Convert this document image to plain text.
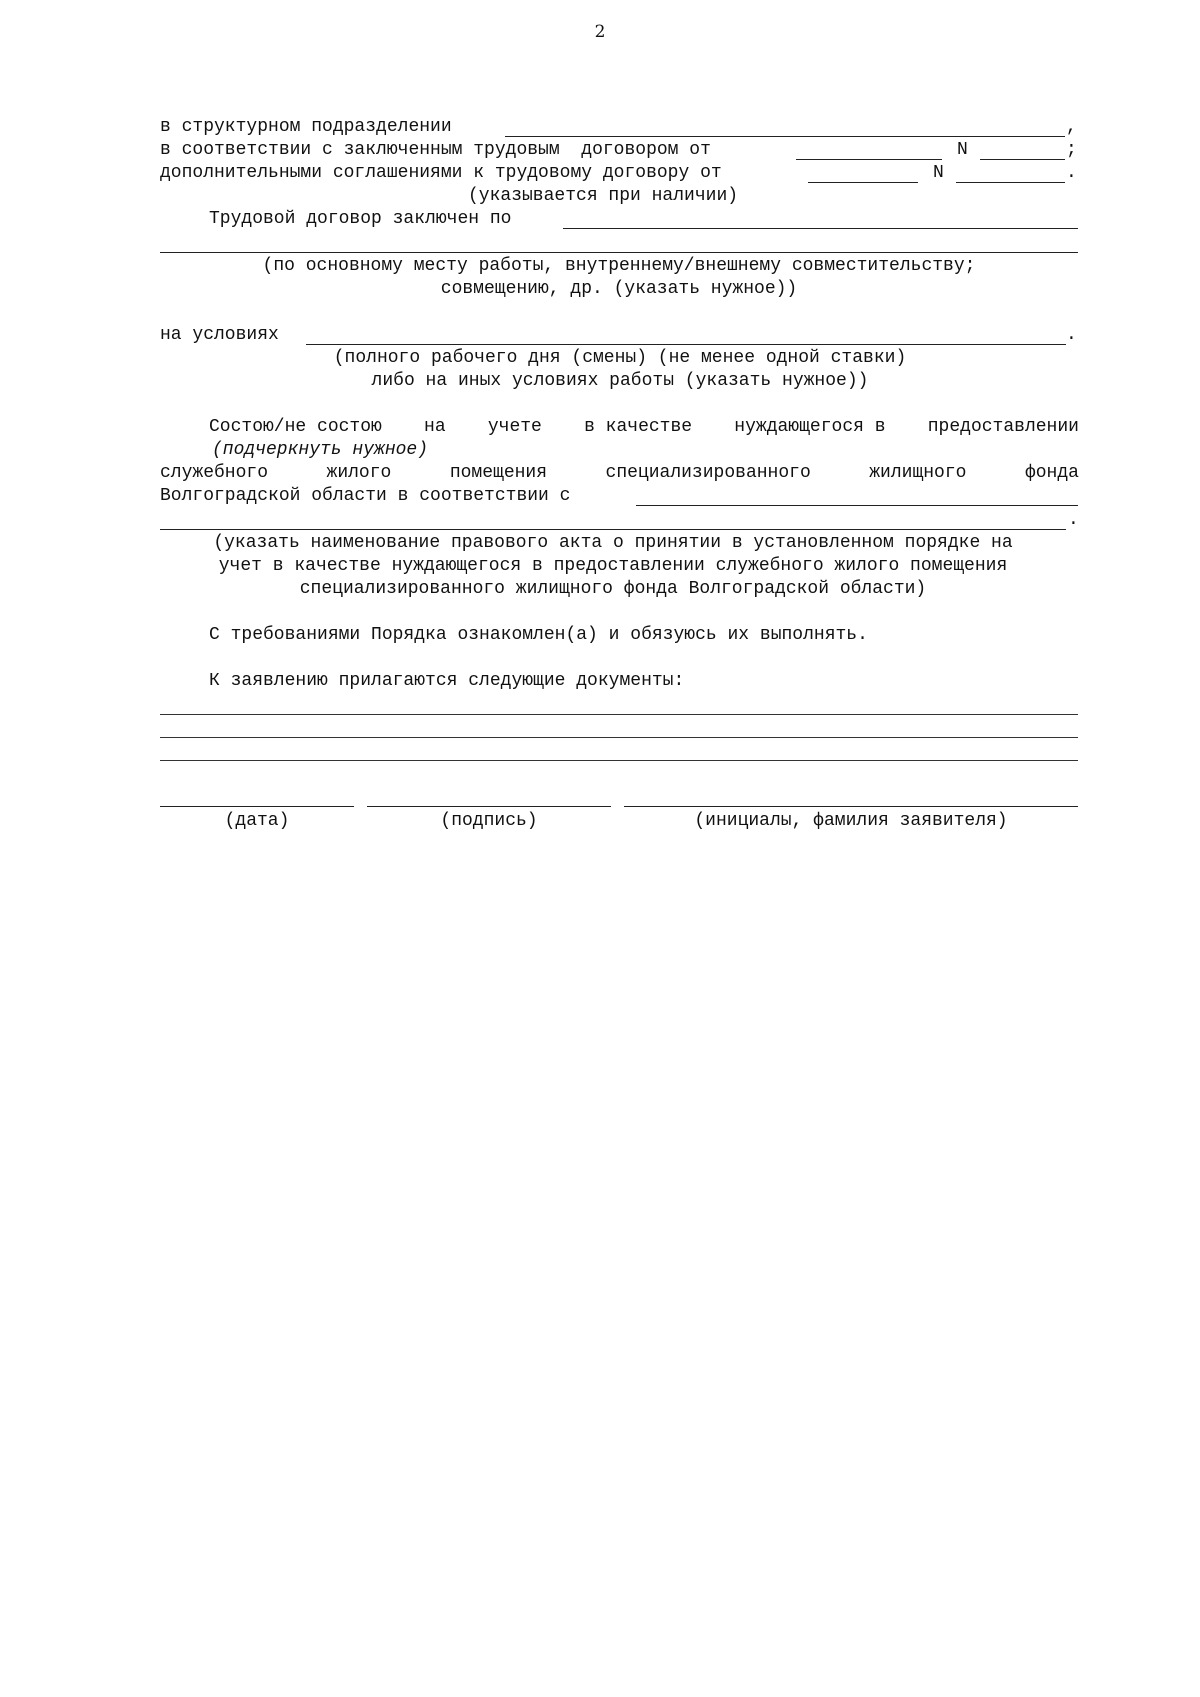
2
в структурном подразделении	,
в соответствии с заключенным трудовым  договором от	N	;
дополнительными соглашениями к трудовому договору от	N	.
(указывается при наличии)
Трудовой договор заключен по
(по основному месту работы, внутреннему/внешнему совместительству;
совмещению, др. (указать нужное))
на условиях	.
(полного рабочего дня (смены) (не менее одной ставки)
либо на иных условиях работы (указать нужное))
Состою/не состою на учете в качестве нуждающегося в предоставлении
(подчеркнуть нужное)
служебного	жилого	помещения	специализированного	жилищного	фонда
Волгоградской области в соответствии с
.
(указать наименование правового акта о принятии в установленном порядке на
учет в качестве нуждающегося в предоставлении служебного жилого помещения
специализированного жилищного фонда Волгоградской области)
С требованиями Порядка ознакомлен(а) и обязуюсь их выполнять.
К заявлению прилагаются следующие документы:
(дата)	(подпись)	(инициалы, фамилия заявителя)
